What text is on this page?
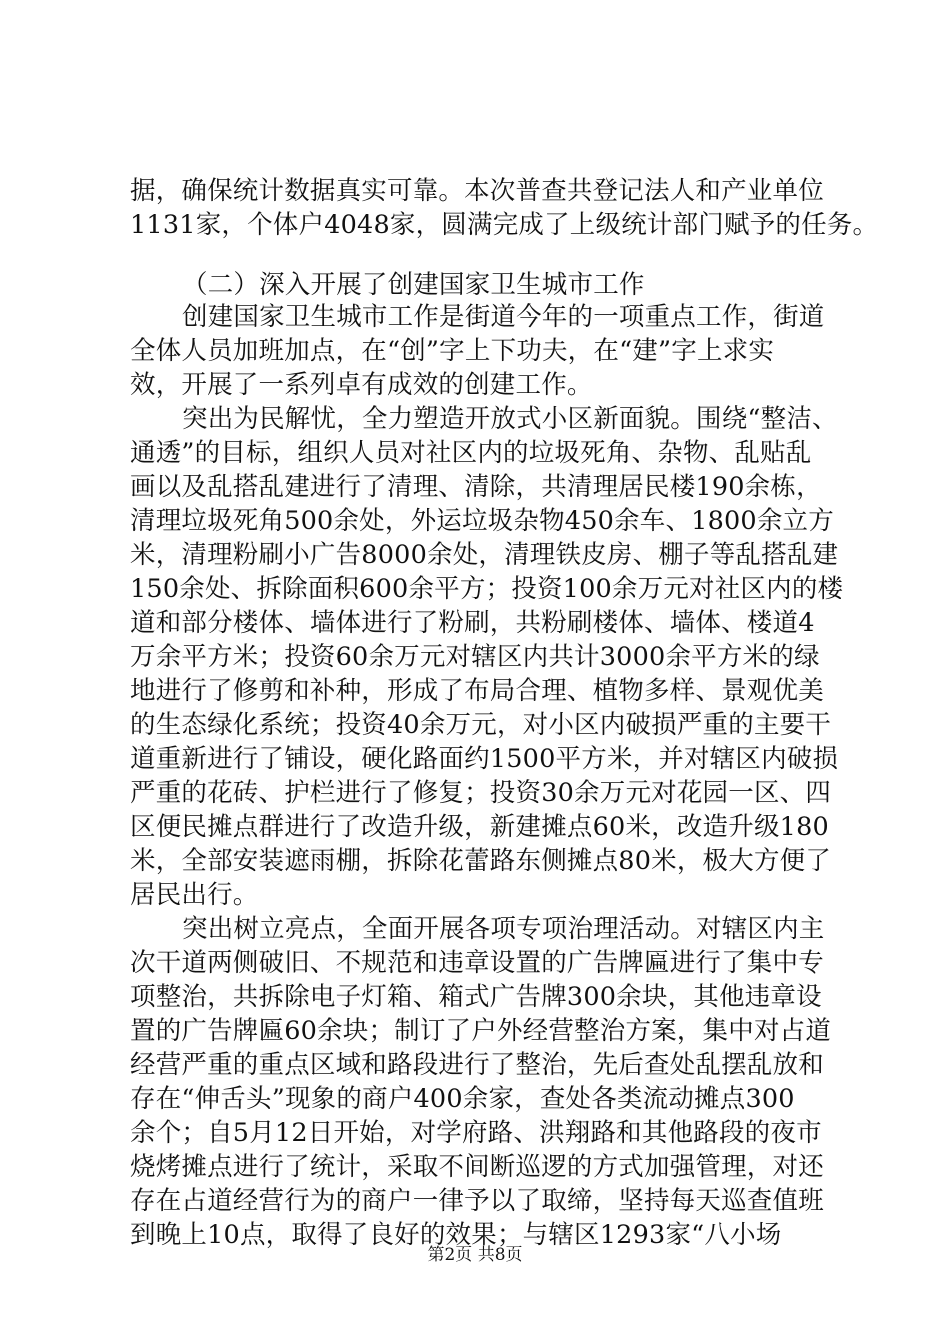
据，确保统计数据真实可靠。本次普查共登记法人和产业单位
1131家，个体户4048家，圆满完成了上级统计部门赋予的任务。
（二）深入开展了创建国家卫生城市工作
创建国家卫生城市工作是街道今年的一项重点工作，街道
全体人员加班加点，在“创”字上下功夫，在“建”字上求实
效，开展了一系列卓有成效的创建工作。
突出为民解忧，全力塑造开放式小区新面貌。围绕“整洁、
通透”的目标，组织人员对社区内的垃圾死角、杂物、乱贴乱
画以及乱搭乱建进行了清理、清除，共清理居民楼190余栋，
清理垃圾死角500余处，外运垃圾杂物450余车、1800余立方
米，清理粉刷小广告8000余处，清理铁皮房、棚子等乱搭乱建
150余处、拆除面积600余平方；投资100余万元对社区内的楼
道和部分楼体、墙体进行了粉刷，共粉刷楼体、墙体、楼道4
万余平方米；投资60余万元对辖区内共计3000余平方米的绿
地进行了修剪和补种，形成了布局合理、植物多样、景观优美
的生态绿化系统；投资40余万元，对小区内破损严重的主要干
道重新进行了铺设，硬化路面约1500平方米，并对辖区内破损
严重的花砖、护栏进行了修复；投资30余万元对花园一区、四
区便民摊点群进行了改造升级，新建摊点60米，改造升级180
米，全部安装遮雨棚，拆除花蕾路东侧摊点80米，极大方便了
居民出行。
突出树立亮点，全面开展各项专项治理活动。对辖区内主
次干道两侧破旧、不规范和违章设置的广告牌匾进行了集中专
项整治，共拆除电子灯箱、箱式广告牌300余块，其他违章设
置的广告牌匾60余块；制订了户外经营整治方案，集中对占道
经营严重的重点区域和路段进行了整治，先后查处乱摆乱放和
存在“伸舌头”现象的商户400余家，查处各类流动摊点300
余个；自5月12日开始，对学府路、洪翔路和其他路段的夜市
烧烤摊点进行了统计，采取不间断巡逻的方式加强管理，对还
存在占道经营行为的商户一律予以了取缔，坚持每天巡查值班
到晚上10点，取得了良好的效果；与辖区1293家“八小场
第2页 共8页
